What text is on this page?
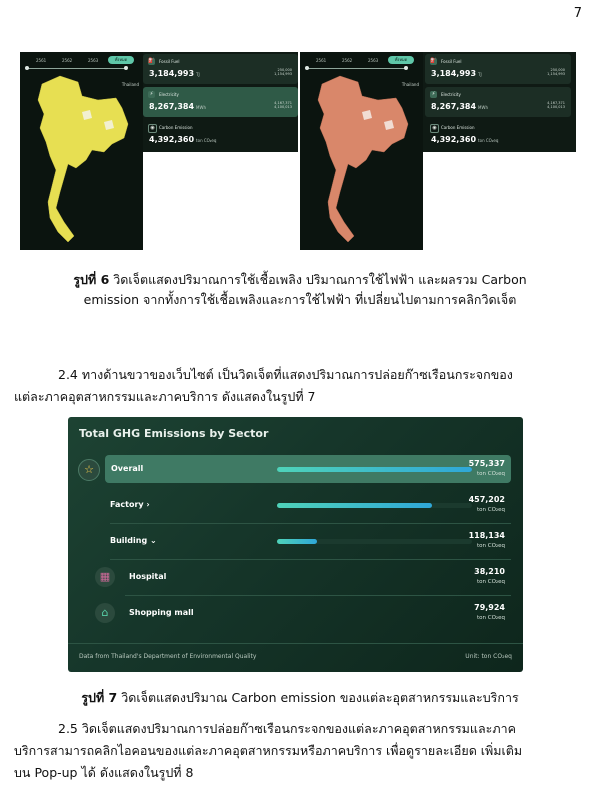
7
2561	2562	2563	ทั้งหมด
Thailand
⛽ Fossil Fuel
3,184,993 TJ
250,000
1,154,993
⚡	Electricity
8,267,384 MWh
4,167,371
4,100,013
◉	Carbon Emission
4,392,360 ton CO₂eq
2561	2562	2563	ทั้งหมด
Thailand
⛽ Fossil Fuel
3,184,993 TJ
250,000
1,154,993
⚡	Electricity
8,267,384 MWh
4,167,371
4,100,013
◉	Carbon Emission
4,392,360 ton CO₂eq
รูปที่ 6 วิดเจ็ตแสดงปริมาณการใช้เชื้อเพลิง ปริมาณการใช้ไฟฟ้า และผลรวม Carbon
emission จากทั้งการใช้เชื้อเพลิงและการใช้ไฟฟ้า ที่เปลี่ยนไปตามการคลิกวิดเจ็ต
2.4 ทางด้านขวาของเว็บไซต์ เป็นวิดเจ็ตที่แสดงปริมาณการปล่อยก๊าซเรือนกระจกของ
แต่ละภาคอุตสาหกรรมและภาคบริการ ดังแสดงในรูปที่ 7
Total GHG Emissions by Sector
☆	Overall
575,337
ton CO₂eq
Factory ›
457,202
ton CO₂eq
Building ⌄
118,134
ton CO₂eq
▦	Hospital
38,210
ton CO₂eq
⌂	Shopping mall
79,924
ton CO₂eq
Data from Thailand's Department of Environmental Quality	Unit: ton CO₂eq
รูปที่ 7 วิดเจ็ตแสดงปริมาณ Carbon emission ของแต่ละอุตสาหกรรมและบริการ
2.5 วิดเจ็ตแสดงปริมาณการปล่อยก๊าซเรือนกระจกของแต่ละภาคอุตสาหกรรมและภาค
บริการสามารถคลิกไอคอนของแต่ละภาคอุตสาหกรรมหรือภาคบริการ เพื่อดูรายละเอียด เพิ่มเติม
บน Pop-up ได้ ดังแสดงในรูปที่ 8
